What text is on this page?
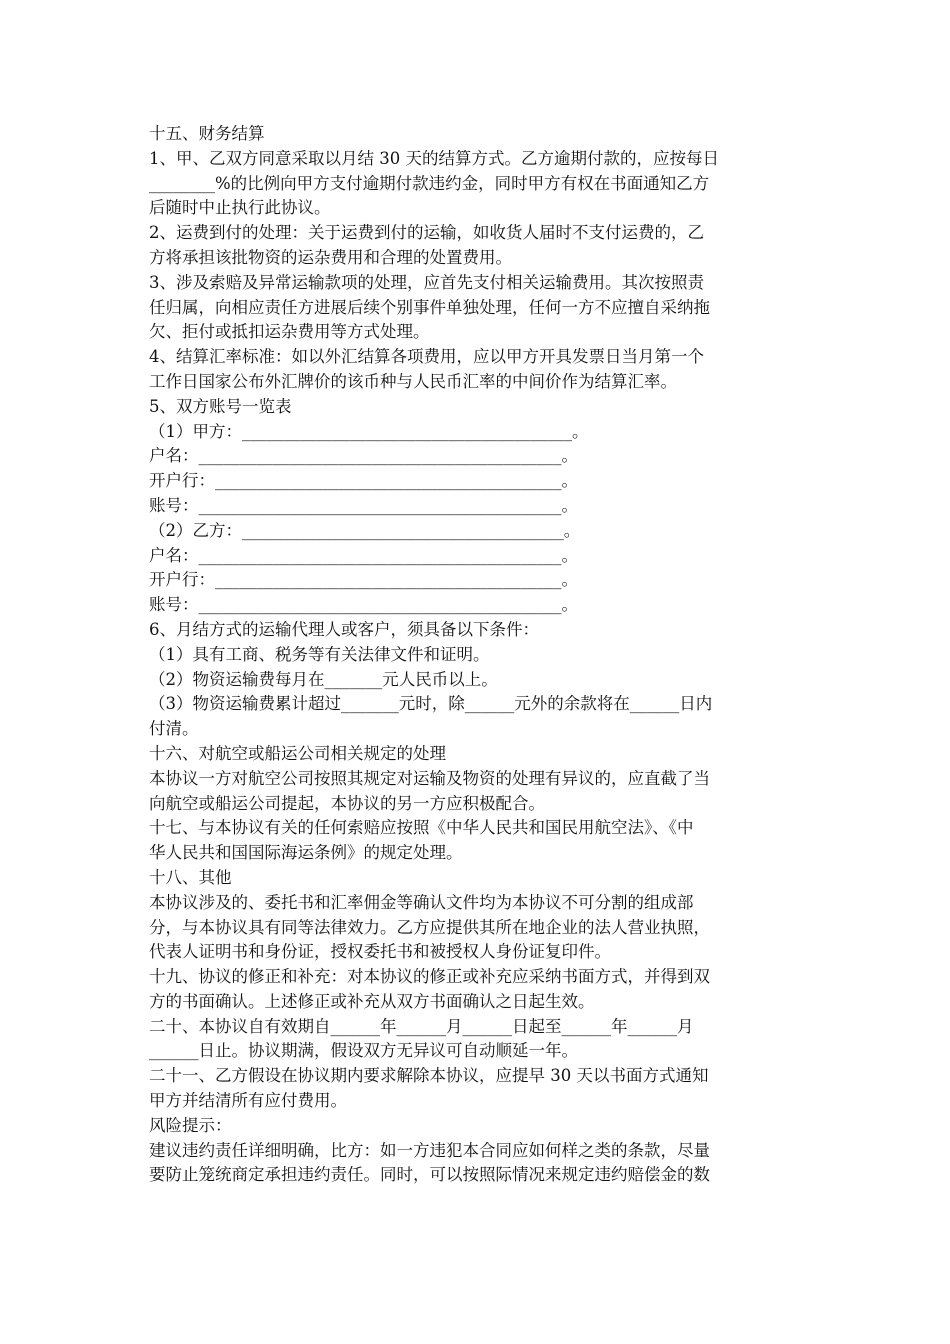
十五、财务结算
1、甲、乙双方同意采取以月结 30 天的结算方式。乙方逾期付款的，应按每日
________%的比例向甲方支付逾期付款违约金，同时甲方有权在书面通知乙方
后随时中止执行此协议。
2、运费到付的处理：关于运费到付的运输，如收货人届时不支付运费的，乙
方将承担该批物资的运杂费用和合理的处置费用。
3、涉及索赔及异常运输款项的处理，应首先支付相关运输费用。其次按照责
任归属，向相应责任方进展后续个别事件单独处理，任何一方不应擅自采纳拖
欠、拒付或抵扣运杂费用等方式处理。
4、结算汇率标准：如以外汇结算各项费用，应以甲方开具发票日当月第一个
工作日国家公布外汇牌价的该币种与人民币汇率的中间价作为结算汇率。
5、双方账号一览表
（1）甲方：________________________________________。
户名：____________________________________________。
开户行：__________________________________________。
账号：____________________________________________。
（2）乙方：_______________________________________。
户名：____________________________________________。
开户行：__________________________________________。
账号：____________________________________________。
6、月结方式的运输代理人或客户，须具备以下条件：
（1）具有工商、税务等有关法律文件和证明。
（2）物资运输费每月在_______元人民币以上。
（3）物资运输费累计超过_______元时，除______元外的余款将在______日内
付清。
十六、对航空或船运公司相关规定的处理
本协议一方对航空公司按照其规定对运输及物资的处理有异议的，应直截了当
向航空或船运公司提起，本协议的另一方应积极配合。
十七、与本协议有关的任何索赔应按照《中华人民共和国民用航空法》、《中
华人民共和国国际海运条例》的规定处理。
十八、其他
本协议涉及的、委托书和汇率佣金等确认文件均为本协议不可分割的组成部
分，与本协议具有同等法律效力。乙方应提供其所在地企业的法人营业执照，
代表人证明书和身份证，授权委托书和被授权人身份证复印件。
十九、协议的修正和补充：对本协议的修正或补充应采纳书面方式，并得到双
方的书面确认。上述修正或补充从双方书面确认之日起生效。
二十、本协议自有效期自______年______月______日起至______年______月
______日止。协议期满，假设双方无异议可自动顺延一年。
二十一、乙方假设在协议期内要求解除本协议，应提早 30 天以书面方式通知
甲方并结清所有应付费用。
风险提示：
建议违约责任详细明确，比方：如一方违犯本合同应如何样之类的条款，尽量
要防止笼统商定承担违约责任。同时，可以按照际情况来规定违约赔偿金的数
